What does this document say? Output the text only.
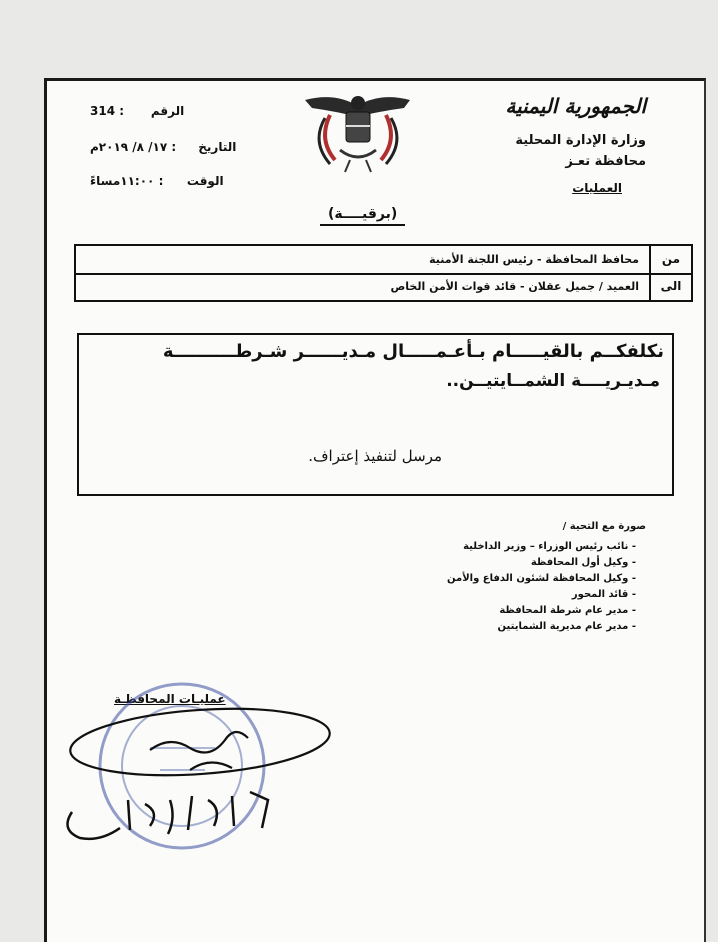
الجمهورية اليمنية
وزارة الإدارة المحلية
محافظة تعـز
العمليات
الرقم : 314
التاريخ : ١٧/ ٨/ ٢٠١٩م
الوقت : ١١:٠٠مساءً
(برقيــــة)
من
محافظ المحافظة - رئيس اللجنة الأمنية
الى
العميد / جميل عقلان - قائد قوات الأمن الخاص
نكلفكــم بالقيـــــام بـأعـمـــــال مـديــــــر شـرطــــــــــة
مـديـريــــة الشمــايتيــن..
مرسل لتنفيذ إعتراف.
صورة مع التحية /
- نائب رئيس الوزراء – وزير الداخلية
- وكيل أول المحافظة
- وكيل المحافظة لشئون الدفاع والأمن
- قائد المحور
- مدير عام شرطة المحافظة
- مدير عام مديرية الشمايتين
عمليـات المحافظـة
